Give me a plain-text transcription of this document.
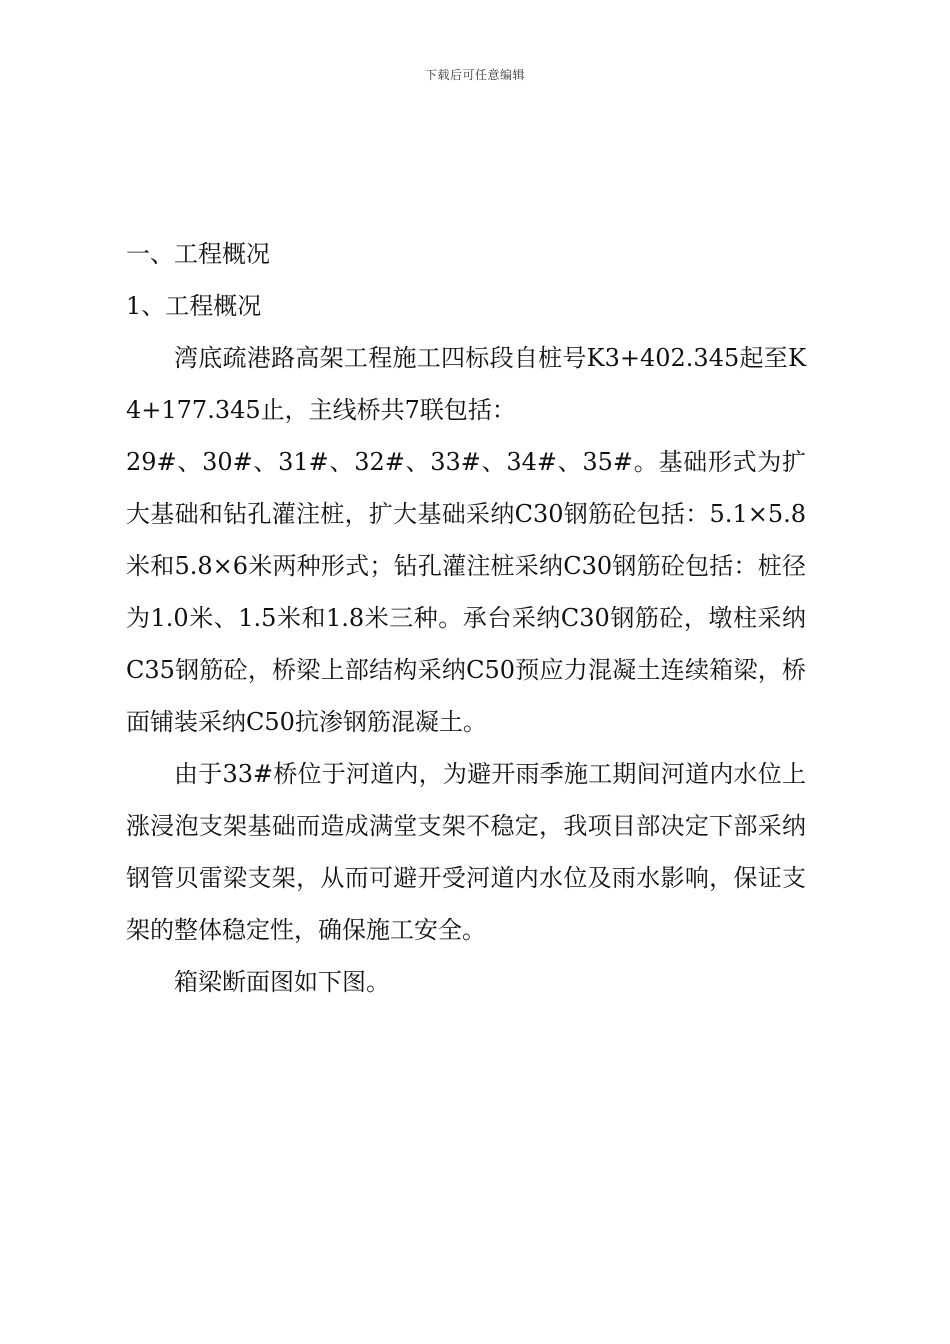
下载后可任意编辑
一、工程概况
1、工程概况

湾底疏港路高架工程施工四标段自桩号K3+402.345起至K4+177.345止，主线桥共7联包括：

29#、30#、31#、32#、33#、34#、35#。基础形式为扩大基础和钻孔灌注桩，扩大基础采纳C30钢筋砼包括：5.1×5.8米和5.8×6米两种形式；钻孔灌注桩采纳C30钢筋砼包括：桩径为1.0米、1.5米和1.8米三种。承台采纳C30钢筋砼，墩柱采纳C35钢筋砼，桥梁上部结构采纳C50预应力混凝土连续箱梁，桥面铺装采纳C50抗渗钢筋混凝土。

由于33#桥位于河道内，为避开雨季施工期间河道内水位上涨浸泡支架基础而造成满堂支架不稳定，我项目部决定下部采纳钢管贝雷梁支架，从而可避开受河道内水位及雨水影响，保证支架的整体稳定性，确保施工安全。

箱梁断面图如下图。
